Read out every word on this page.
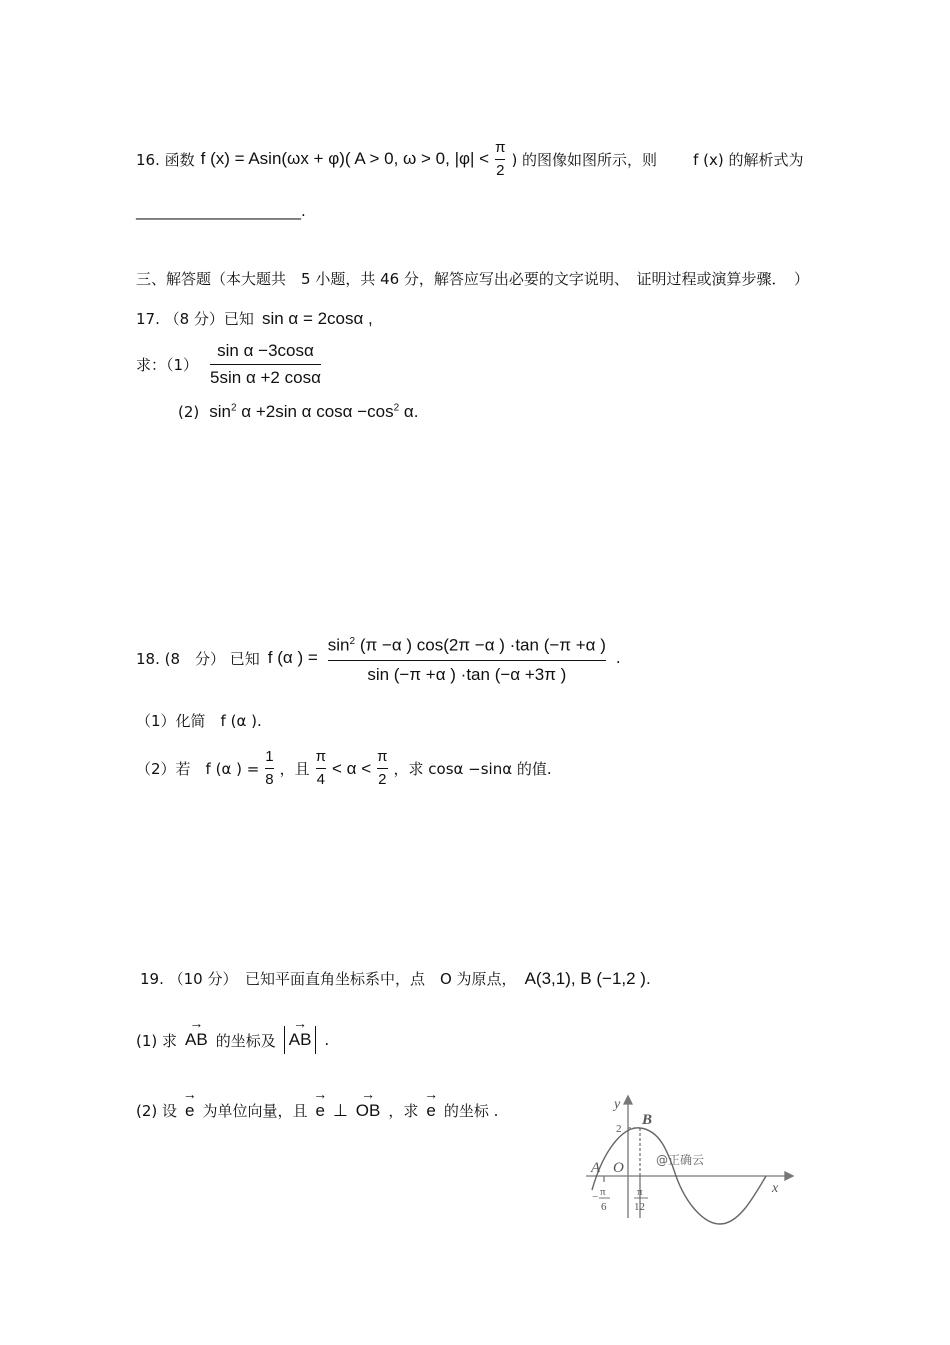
16. 函数 f (x) = Asin(ωx + φ)( A > 0, ω > 0, $|\varphi| < \frac{\pi}{2}$ ) 的图像如图所示，则 f (x) 的解析式为
______________________.
三、解答题（本大题共　5 小题，共 46 分，解答应写出必要的文字说明、　证明过程或演算步骤．　）
17. （8 分）已知 sin α = 2cosα ,
求：$(1) \frac{\text{sin α −3cosα}}{\text{5sin α +2 cosα}}$
(2) $\sin^2 \alpha +2\sin$ α $\cos\alpha -\cos^2$ α.
18. (8　分） 已知 f (α ) = $\frac{\sin^2 (\pi -\alpha ) \cos(2\pi -\alpha ) \cdot\tan (-\pi +\alpha )}{\sin (-\pi +\alpha ) \cdot\tan (-\alpha +3\pi )}$ .
（1）化简　f (α ).
（2）若　f (α ) = $\frac{1}{8}$ ，且 $\frac{\pi}{4} < \alpha < \frac{\pi}{2}$ ，求 cosα −sinα 的值.
19. （10 分）　已知平面直角坐标系中，点　O 为原点， A(3,1), B (−1,2 ).
(1) 求 → AB 的坐标及 → AB .
(2) 设 → e 为单位向量，且 → e ⊥ → OB ，求 → e 的坐标 .	y
x
A O
B
2
− π
6
π
12
@正确云
